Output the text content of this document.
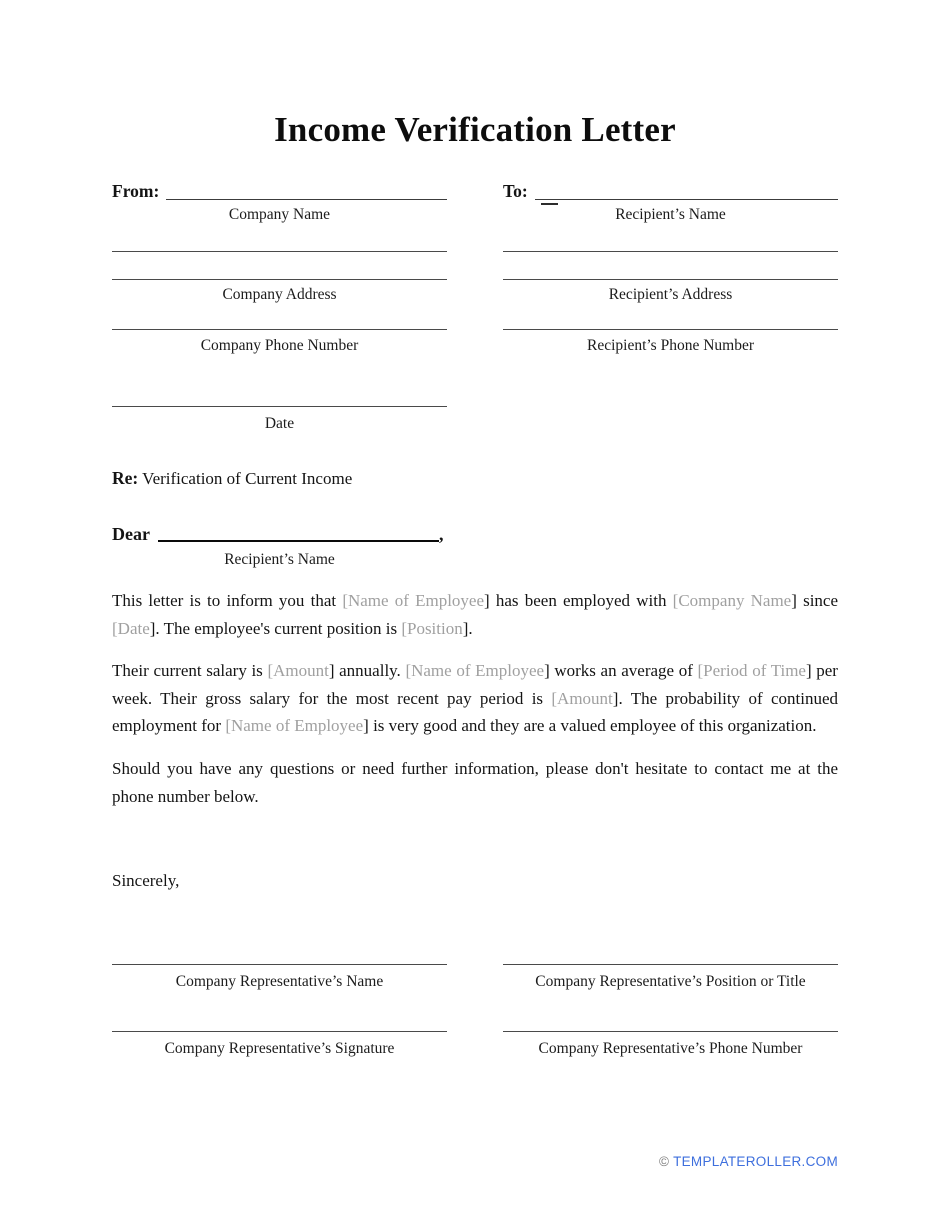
Income Verification Letter
From:	To:
Company Name	Recipient’s Name
Company Address	Recipient’s Address
Company Phone Number	Recipient’s Phone Number
Date
Re: Verification of Current Income
Dear	,
Recipient’s Name

This letter is to inform you that [Name of Employee] has been employed with [Company Name] since [Date]. The employee's current position is [Position].

Their current salary is [Amount] annually. [Name of Employee] works an average of [Period of Time] per week. Their gross salary for the most recent pay period is [Amount]. The probability of continued employment for [Name of Employee] is very good and they are a valued employee of this organization.

Should you have any questions or need further information, please don't hesitate to contact me at the phone number below.

Sincerely,
Company Representative’s Name	Company Representative’s Position or Title
Company Representative’s Signature	Company Representative’s Phone Number
© TEMPLATEROLLER.COM
